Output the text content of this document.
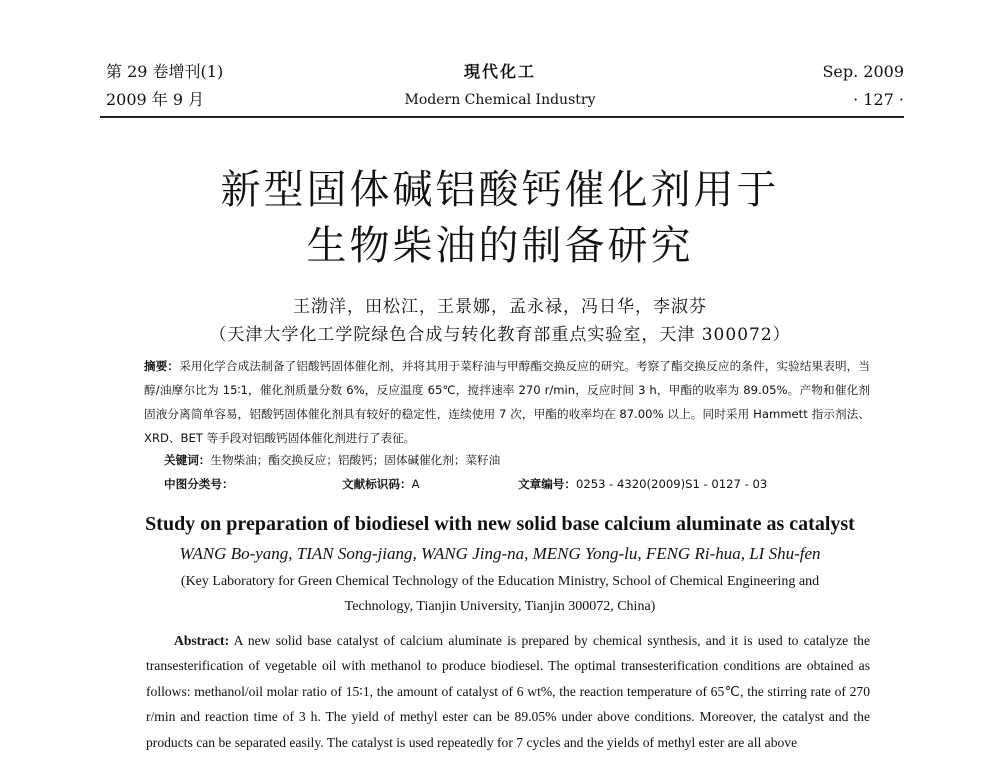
第 29 卷增刊(1)
2009 年 9 月
現代化工
Modern Chemical Industry
Sep. 2009
· 127 ·
新型固体碱铝酸钙催化剂用于
生物柴油的制备研究
王渤洋，田松江，王景娜，孟永禄，冯日华，李淑芬
（天津大学化工学院绿色合成与转化教育部重点实验室，天津 300072）
摘要：采用化学合成法制备了铝酸钙固体催化剂，并将其用于菜籽油与甲醇酯交换反应的研究。考察了酯交换反应的条件，实验结果表明，当醇/油摩尔比为 15∶1，催化剂质量分数 6%，反应温度 65℃，搅拌速率 270 r/min，反应时间 3 h，甲酯的收率为 89.05%。产物和催化剂固液分离简单容易，铝酸钙固体催化剂具有较好的稳定性，连续使用 7 次，甲酯的收率均在 87.00% 以上。同时采用 Hammett 指示剂法、XRD、BET 等手段对铝酸钙固体催化剂进行了表征。
关键词：生物柴油；酯交换反应；铝酸钙；固体碱催化剂；菜籽油
中图分类号：	文献标识码：A	文章编号：0253 - 4320(2009)S1 - 0127 - 03
Study on preparation of biodiesel with new solid base calcium aluminate as catalyst
WANG Bo-yang, TIAN Song-jiang, WANG Jing-na, MENG Yong-lu, FENG Ri-hua, LI Shu-fen
(Key Laboratory for Green Chemical Technology of the Education Ministry, School of Chemical Engineering and
Technology, Tianjin University, Tianjin 300072, China)
Abstract: A new solid base catalyst of calcium aluminate is prepared by chemical synthesis, and it is used to catalyze the transesterification of vegetable oil with methanol to produce biodiesel. The optimal transesterification conditions are obtained as follows: methanol/oil molar ratio of 15∶1, the amount of catalyst of 6 wt%, the reaction temperature of 65℃, the stirring rate of 270 r/min and reaction time of 3 h. The yield of methyl ester can be 89.05% under above conditions. Moreover, the catalyst and the products can be separated easily. The catalyst is used repeatedly for 7 cycles and the yields of methyl ester are all above
